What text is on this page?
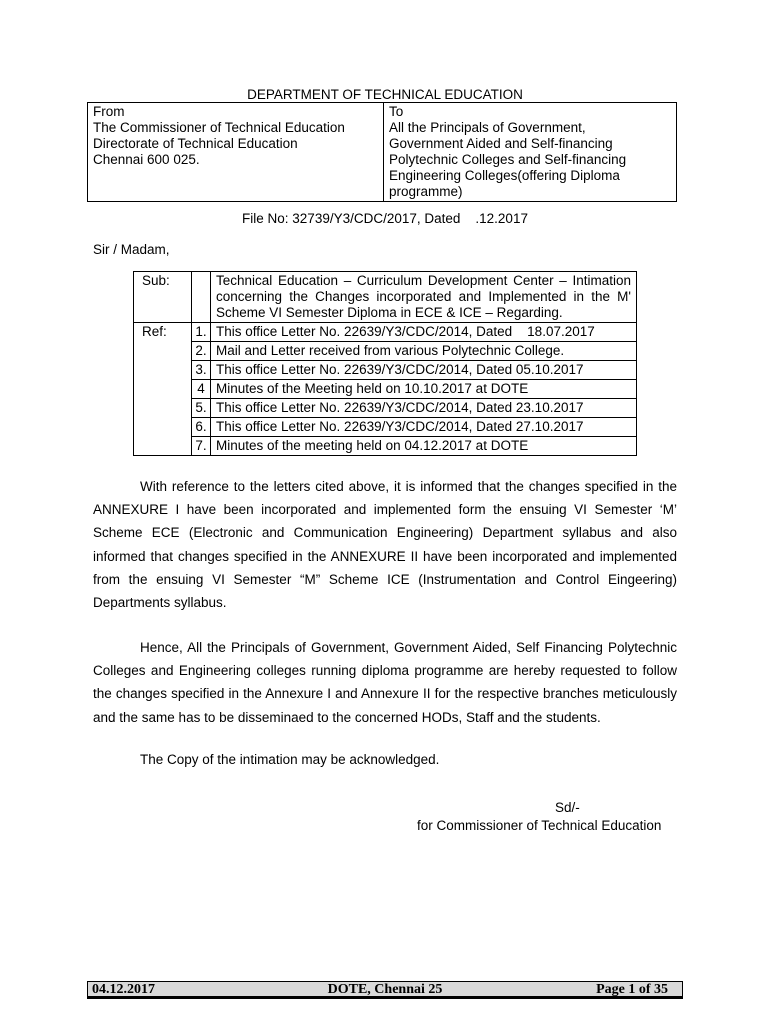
DEPARTMENT OF TECHNICAL EDUCATION
From
The Commissioner of Technical Education
Directorate of Technical Education
Chennai 600 025.

To
All the Principals of Government,
Government Aided and Self-financing
Polytechnic Colleges and Self-financing
Engineering Colleges(offering Diploma
programme)
File No: 32739/Y3/CDC/2017, Dated    .12.2017
Sir / Madam,
Sub:		Technical Education – Curriculum Development Center – Intimation concerning the Changes incorporated and Implemented in the M' Scheme VI Semester Diploma in ECE & ICE – Regarding.
Ref:	1.	This office Letter No. 22639/Y3/CDC/2014, Dated    18.07.2017
	2.	Mail and Letter received from various Polytechnic College.
	3.	This office Letter No. 22639/Y3/CDC/2014, Dated 05.10.2017
	4	Minutes of the Meeting held on 10.10.2017 at DOTE
	5.	This office Letter No. 22639/Y3/CDC/2014, Dated 23.10.2017
	6.	This office Letter No. 22639/Y3/CDC/2014, Dated 27.10.2017
	7.	Minutes of the meeting held on 04.12.2017 at DOTE
With reference to the letters cited above, it is informed that the changes specified in the ANNEXURE I have been incorporated and implemented form the ensuing VI Semester ‘M’ Scheme ECE (Electronic and Communication Engineering) Department syllabus and also informed that changes specified in the ANNEXURE II have been incorporated and implemented from the ensuing VI Semester “M” Scheme ICE (Instrumentation and Control Eingeering) Departments syllabus.
Hence, All the Principals of Government, Government Aided, Self Financing Polytechnic Colleges and Engineering colleges running diploma programme are hereby requested to follow the changes specified in the Annexure I and Annexure II for the respective branches meticulously and the same has to be disseminaed to the concerned HODs, Staff and the students.
The Copy of the intimation may be acknowledged.
Sd/-
for Commissioner of Technical Education
DOTE, Chennai 25
04.12.2017	Page 1 of 35
